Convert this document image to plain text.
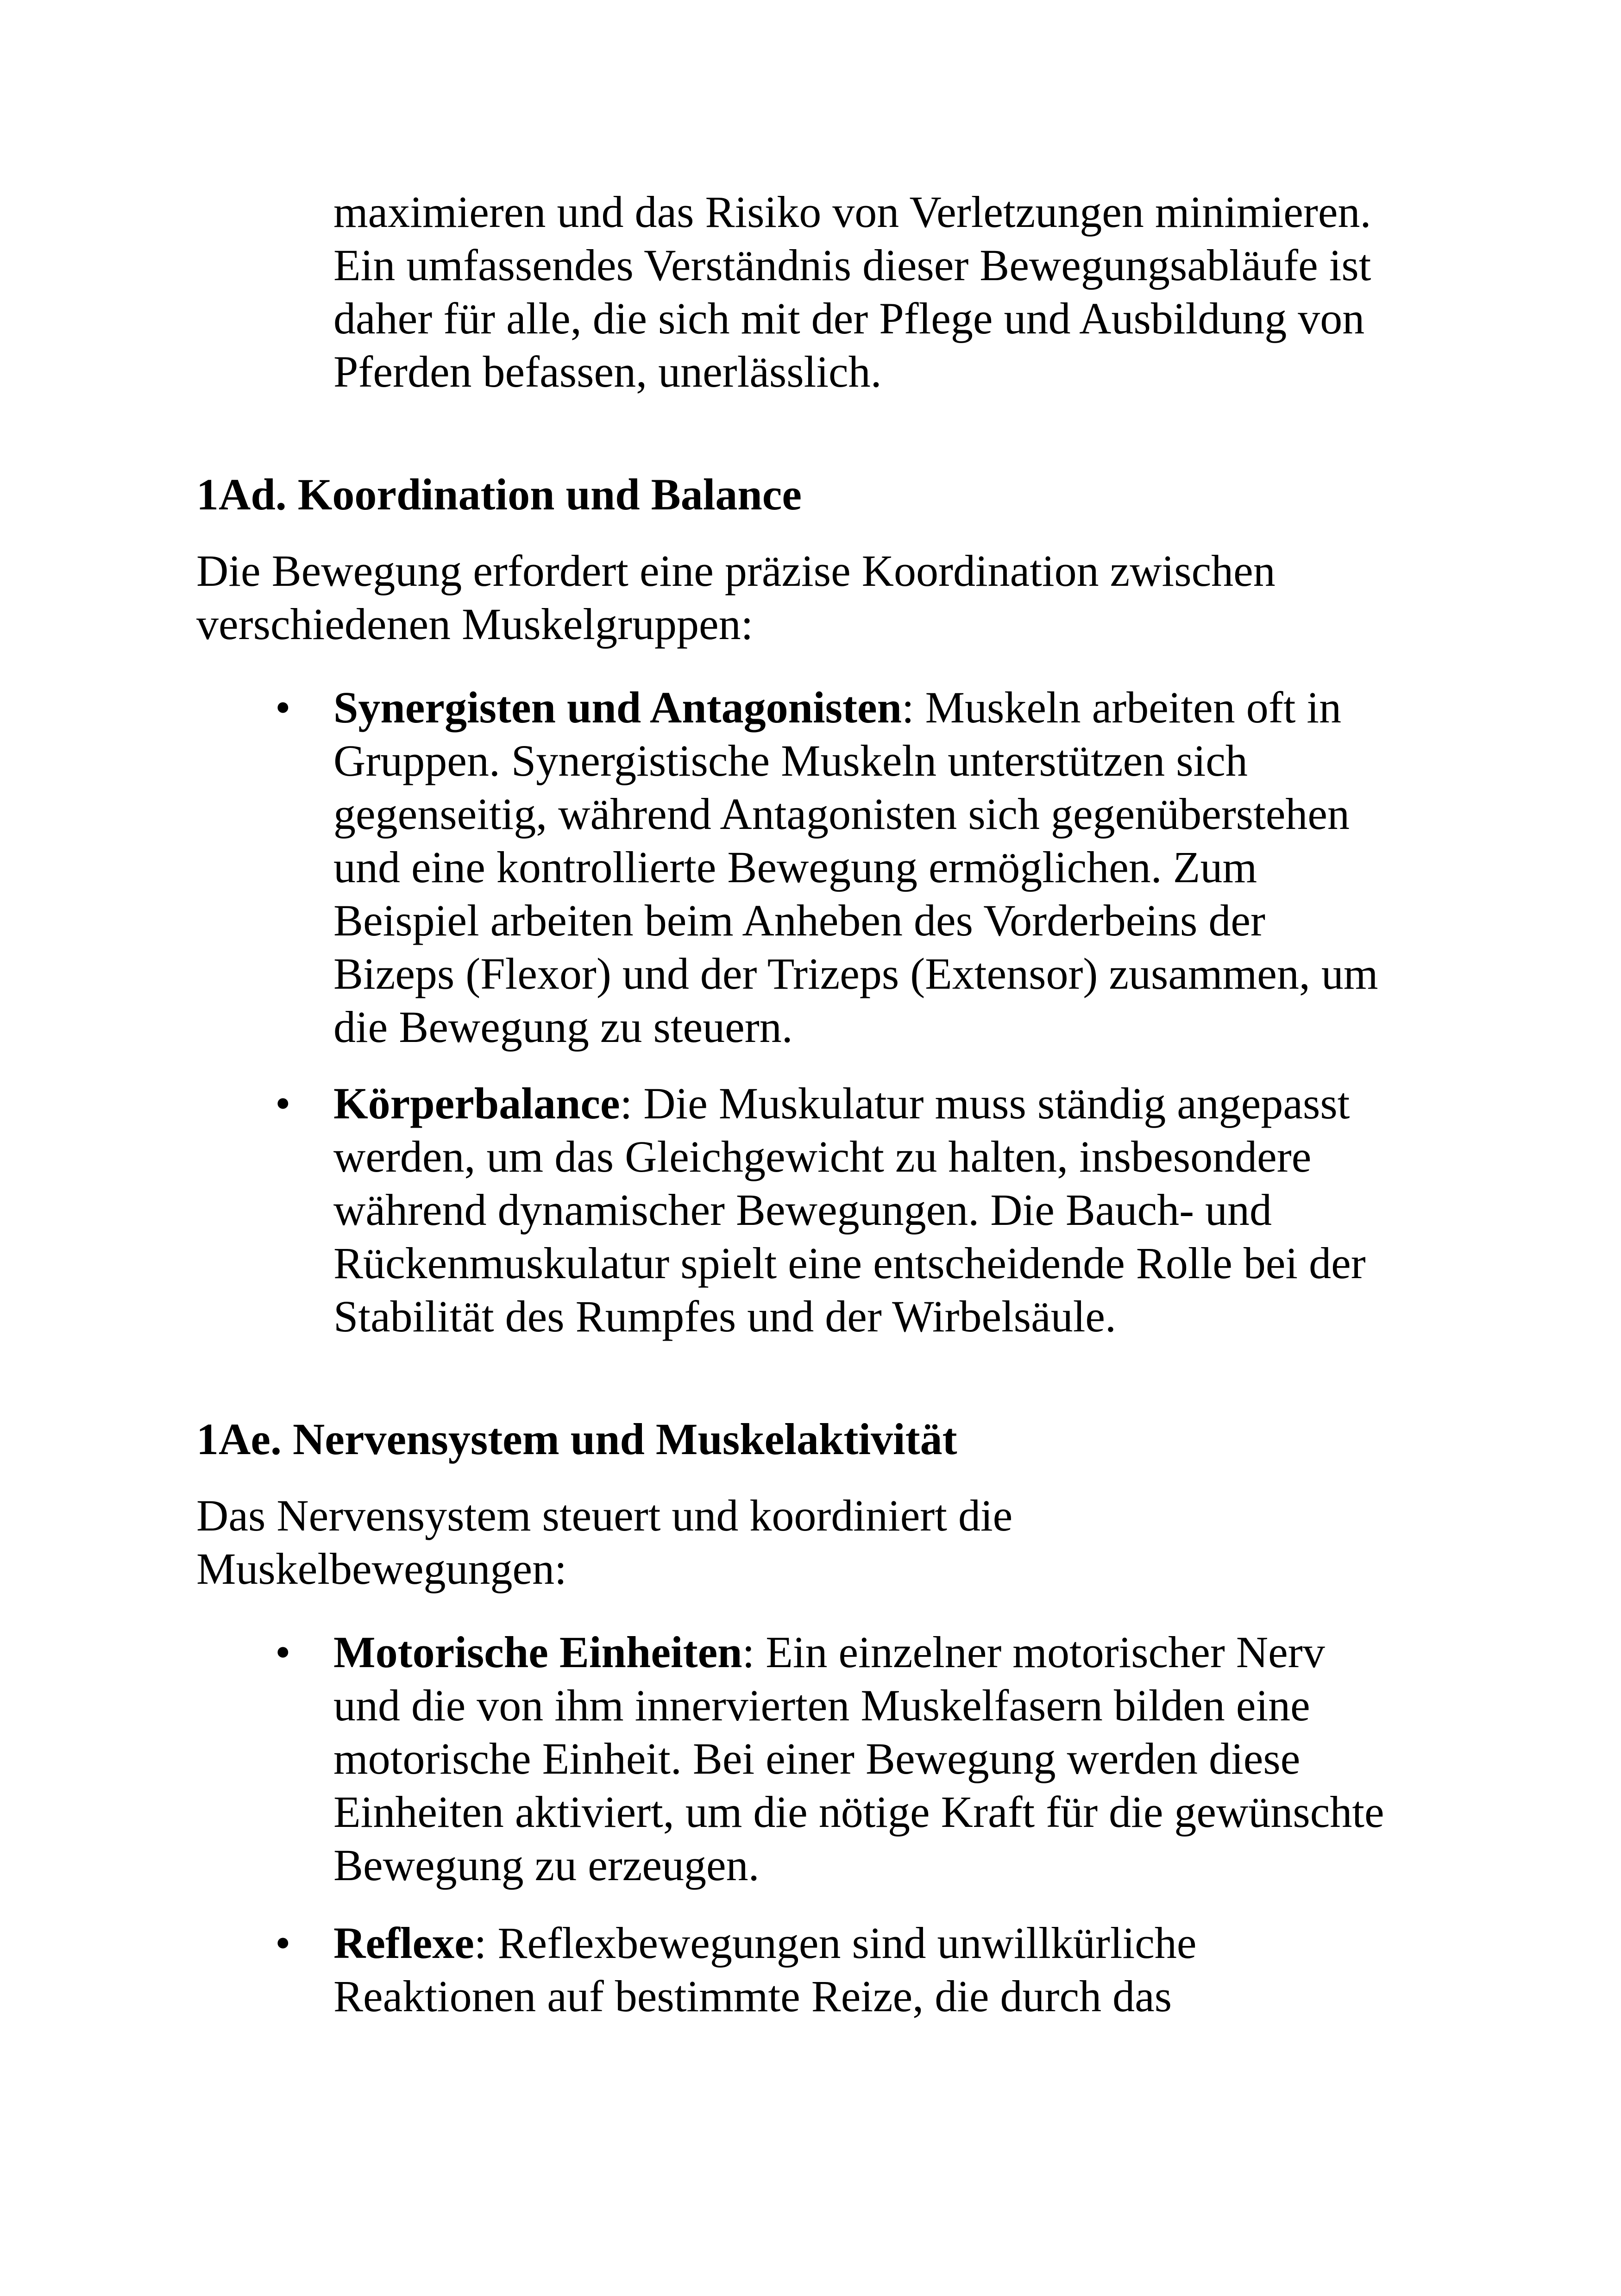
maximieren und das Risiko von Verletzungen minimieren.

Ein umfassendes Verständnis dieser Bewegungsabläufe ist

daher für alle, die sich mit der Pflege und Ausbildung von

Pferden befassen, unerlässlich.

1Ad. Koordination und Balance

Die Bewegung erfordert eine präzise Koordination zwischen

verschiedenen Muskelgruppen:

• Synergisten und Antagonisten: Muskeln arbeiten oft in

Gruppen. Synergistische Muskeln unterstützen sich

gegenseitig, während Antagonisten sich gegenüberstehen

und eine kontrollierte Bewegung ermöglichen. Zum

Beispiel arbeiten beim Anheben des Vorderbeins der

Bizeps (Flexor) und der Trizeps (Extensor) zusammen, um

die Bewegung zu steuern.

• Körperbalance: Die Muskulatur muss ständig angepasst

werden, um das Gleichgewicht zu halten, insbesondere

während dynamischer Bewegungen. Die Bauch- und

Rückenmuskulatur spielt eine entscheidende Rolle bei der

Stabilität des Rumpfes und der Wirbelsäule.

1Ae. Nervensystem und Muskelaktivität

Das Nervensystem steuert und koordiniert die

Muskelbewegungen:

• Motorische Einheiten: Ein einzelner motorischer Nerv

und die von ihm innervierten Muskelfasern bilden eine

motorische Einheit. Bei einer Bewegung werden diese

Einheiten aktiviert, um die nötige Kraft für die gewünschte

Bewegung zu erzeugen.

• Reflexe: Reflexbewegungen sind unwillkürliche

Reaktionen auf bestimmte Reize, die durch das
